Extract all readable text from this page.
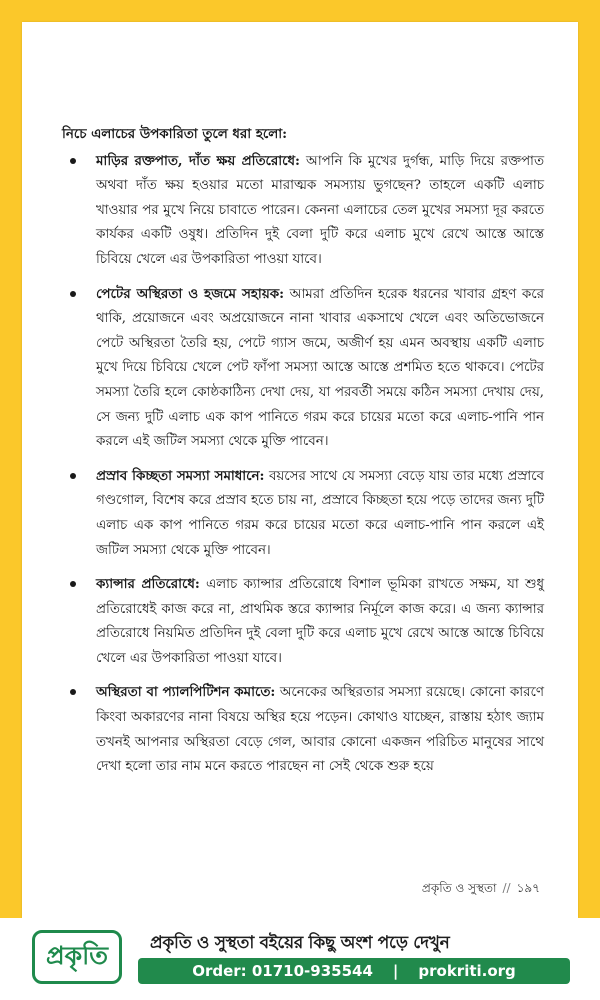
নিচে এলাচের উপকারিতা তুলে ধরা হলো:

মাড়ির রক্তপাত, দাঁত ক্ষয় প্রতিরোধে: আপনি কি মুখের দুর্গন্ধ, মাড়ি দিয়ে রক্তপাত অথবা দাঁত ক্ষয় হওয়ার মতো মারাত্মক সমস্যায় ভুগছেন? তাহলে একটি এলাচ খাওয়ার পর মুখে নিয়ে চাবাতে পারেন। কেননা এলাচের তেল মুখের সমস্যা দূর করতে কার্যকর একটি ওষুধ। প্রতিদিন দুই বেলা দুটি করে এলাচ মুখে রেখে আস্তে আস্তে চিবিয়ে খেলে এর উপকারিতা পাওয়া যাবে।
পেটের অস্থিরতা ও হজমে সহায়ক: আমরা প্রতিদিন হরেক ধরনের খাবার গ্রহণ করে থাকি, প্রয়োজনে এবং অপ্রয়োজনে নানা খাবার একসাথে খেলে এবং অতিভোজনে পেটে অস্থিরতা তৈরি হয়, পেটে গ্যাস জমে, অজীর্ণ হয় এমন অবস্থায় একটি এলাচ মুখে দিয়ে চিবিয়ে খেলে পেট ফাঁপা সমস্যা আস্তে আস্তে প্রশমিত হতে থাকবে। পেটের সমস্যা তৈরি হলে কোষ্ঠকাঠিন্য দেখা দেয়, যা পরবর্তী সময়ে কঠিন সমস্যা দেখায় দেয়, সে জন্য দুটি এলাচ এক কাপ পানিতে গরম করে চায়ের মতো করে এলাচ-পানি পান করলে এই জটিল সমস্যা থেকে মুক্তি পাবেন।
প্রস্রাব কিচ্ছতা সমস্যা সমাধানে: বয়সের সাথে যে সমস্যা বেড়ে যায় তার মধ্যে প্রস্রাবে গণ্ডগোল, বিশেষ করে প্রস্রাব হতে চায় না, প্রস্রাবে কিচ্ছতা হয়ে পড়ে তাদের জন্য দুটি এলাচ এক কাপ পানিতে গরম করে চায়ের মতো করে এলাচ-পানি পান করলে এই জটিল সমস্যা থেকে মুক্তি পাবেন।
ক্যান্সার প্রতিরোধে: এলাচ ক্যান্সার প্রতিরোধে বিশাল ভূমিকা রাখতে সক্ষম, যা শুধু প্রতিরোধেই কাজ করে না, প্রাথমিক স্তরে ক্যান্সার নির্মূলে কাজ করে। এ জন্য ক্যান্সার প্রতিরোধে নিয়মিত প্রতিদিন দুই বেলা দুটি করে এলাচ মুখে রেখে আস্তে আস্তে চিবিয়ে খেলে এর উপকারিতা পাওয়া যাবে।
অস্থিরতা বা প্যালপিটিশন কমাতে: অনেকের অস্থিরতার সমস্যা রয়েছে। কোনো কারণে কিংবা অকারণের নানা বিষয়ে অস্থির হয়ে পড়েন। কোথাও যাচ্ছেন, রাস্তায় হঠাৎ জ্যাম তখনই আপনার অস্থিরতা বেড়ে গেল, আবার কোনো একজন পরিচিত মানুষের সাথে দেখা হলো তার নাম মনে করতে পারছেন না সেই থেকে শুরু হয়ে
প্রকৃতি ও সুস্থতা // ১৯৭
প্রকৃতি প্রকৃতি ও সুস্থতা বইয়ের কিছু অংশ পড়ে দেখুন
Order: 01710-935544 | prokriti.org
